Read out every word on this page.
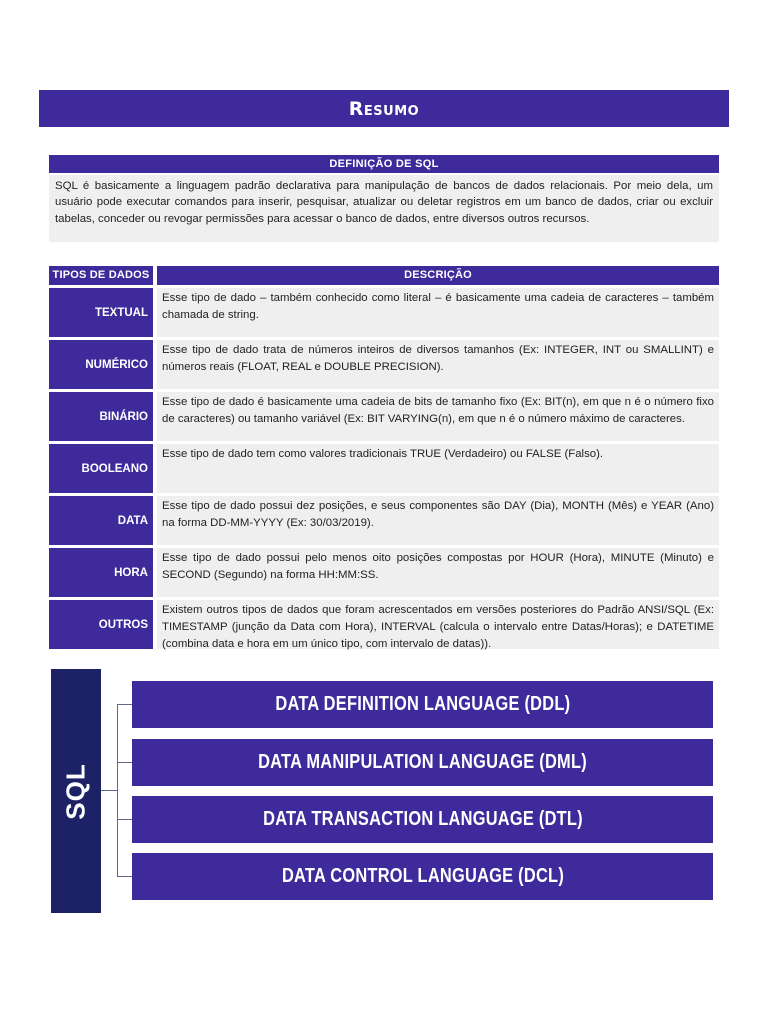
Resumo
DEFINIÇÃO DE SQL
SQL é basicamente a linguagem padrão declarativa para manipulação de bancos de dados relacionais. Por meio dela, um usuário pode executar comandos para inserir, pesquisar, atualizar ou deletar registros em um banco de dados, criar ou excluir tabelas, conceder ou revogar permissões para acessar o banco de dados, entre diversos outros recursos.
TIPOS DE DADOS	DESCRIÇÃO
TEXTUAL
Esse tipo de dado – também conhecido como literal – é basicamente uma cadeia de caracteres – também chamada de string.
NUMÉRICO
Esse tipo de dado trata de números inteiros de diversos tamanhos (Ex: INTEGER, INT ou SMALLINT) e números reais (FLOAT, REAL e DOUBLE PRECISION).
BINÁRIO
Esse tipo de dado é basicamente uma cadeia de bits de tamanho fixo (Ex: BIT(n), em que n é o número fixo de caracteres) ou tamanho variável (Ex: BIT VARYING(n), em que n é o número máximo de caracteres.
BOOLEANO
Esse tipo de dado tem como valores tradicionais TRUE (Verdadeiro) ou FALSE (Falso).
DATA
Esse tipo de dado possui dez posições, e seus componentes são DAY (Dia), MONTH (Mês) e YEAR (Ano) na forma DD-MM-YYYY (Ex: 30/03/2019).
HORA
Esse tipo de dado possui pelo menos oito posições compostas por HOUR (Hora), MINUTE (Minuto) e SECOND (Segundo) na forma HH:MM:SS.
OUTROS
Existem outros tipos de dados que foram acrescentados em versões posteriores do Padrão ANSI/SQL (Ex: TIMESTAMP (junção da Data com Hora), INTERVAL (calcula o intervalo entre Datas/Horas); e DATETIME (combina data e hora em um único tipo, com intervalo de datas)).
SQL
DATA DEFINITION LANGUAGE (DDL)
DATA MANIPULATION LANGUAGE (DML)
DATA TRANSACTION LANGUAGE (DTL)
DATA CONTROL LANGUAGE (DCL)
